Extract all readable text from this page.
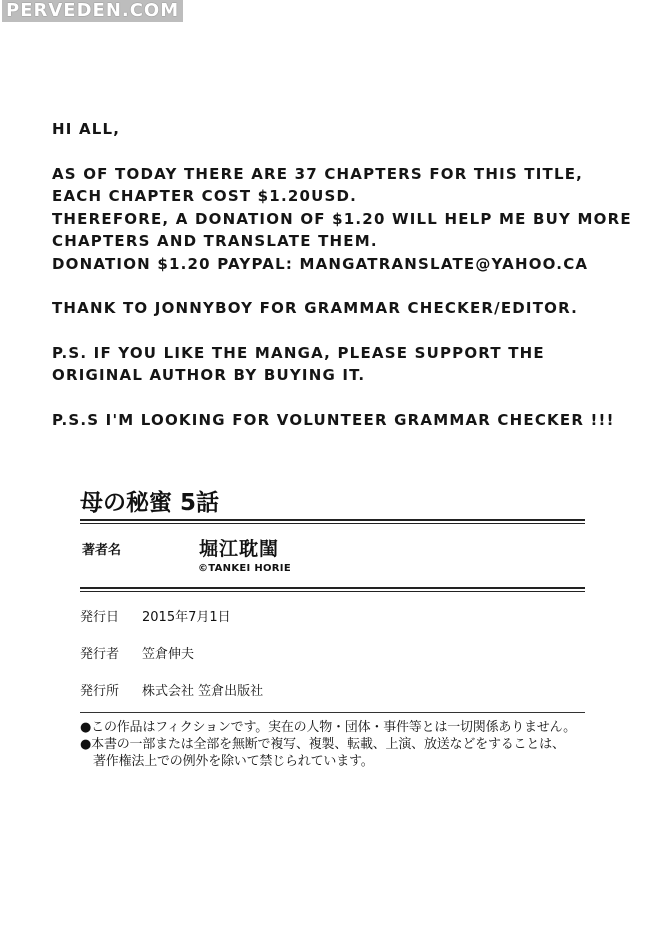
PERVEDEN.COM
HI ALL,
AS OF TODAY THERE ARE 37 CHAPTERS FOR THIS TITLE,
EACH CHAPTER COST $1.20USD.
THEREFORE, A DONATION OF $1.20 WILL HELP ME BUY MORE
CHAPTERS AND TRANSLATE THEM.
DONATION $1.20 PAYPAL: MANGATRANSLATE@YAHOO.CA
THANK TO JONNYBOY FOR GRAMMAR CHECKER/EDITOR.
P.S. IF YOU LIKE THE MANGA, PLEASE SUPPORT THE
ORIGINAL AUTHOR BY BUYING IT.
P.S.S I'M LOOKING FOR VOLUNTEER GRAMMAR CHECKER !!!
母の秘蜜 5話
著者名	堀江耽閨
©TANKEI HORIE
発行日 2015年7月1日
発行者 笠倉伸夫
発行所 株式会社 笠倉出版社
●この作品はフィクションです。実在の人物・団体・事件等とは一切関係ありません。
●本書の一部または全部を無断で複写、複製、転載、上演、放送などをすることは、
著作権法上での例外を除いて禁じられています。
